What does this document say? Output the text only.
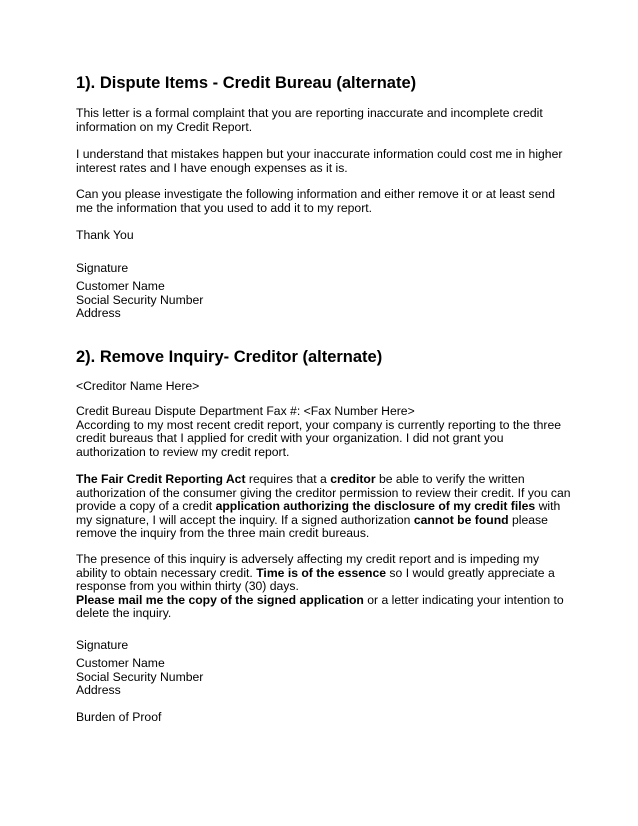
1). Dispute Items - Credit Bureau (alternate)

This letter is a formal complaint that you are reporting inaccurate and incomplete credit information on my Credit Report.

I understand that mistakes happen but your inaccurate information could cost me in higher interest rates and I have enough expenses as it is.

Can you please investigate the following information and either remove it or at least send me the information that you used to add it to my report.

Thank You

Signature

Customer Name

Social Security Number

Address

2). Remove Inquiry- Creditor (alternate)

<Creditor Name Here>

Credit Bureau Dispute Department Fax #: <Fax Number Here>

According to my most recent credit report, your company is currently reporting to the three credit bureaus that I applied for credit with your organization. I did not grant you authorization to review my credit report.

The Fair Credit Reporting Act requires that a creditor be able to verify the written authorization of the consumer giving the creditor permission to review their credit. If you can provide a copy of a credit application authorizing the disclosure of my credit files with my signature, I will accept the inquiry. If a signed authorization cannot be found please remove the inquiry from the three main credit bureaus.

The presence of this inquiry is adversely affecting my credit report and is impeding my ability to obtain necessary credit. Time is of the essence so I would greatly appreciate a response from you within thirty (30) days.

Please mail me the copy of the signed application or a letter indicating your intention to delete the inquiry.

Signature

Customer Name

Social Security Number

Address

Burden of Proof
